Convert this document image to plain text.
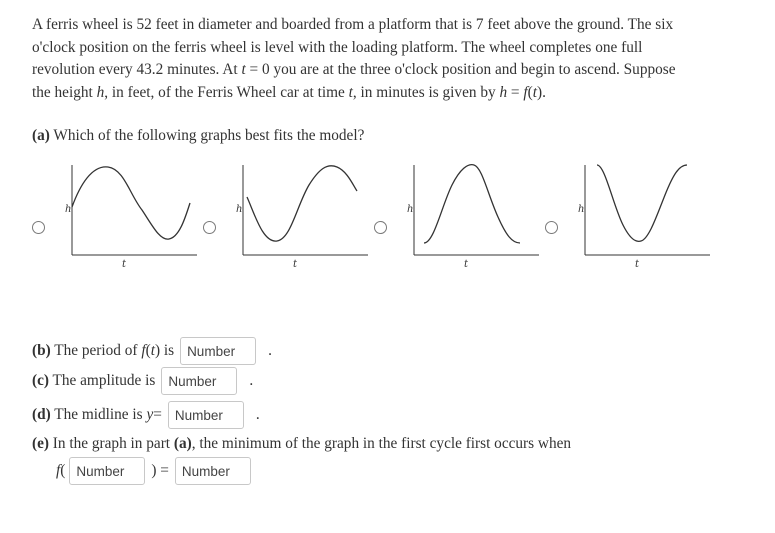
A ferris wheel is 52 feet in diameter and boarded from a platform that is 7 feet above the ground. The six
o'clock position on the ferris wheel is level with the loading platform. The wheel completes one full
revolution every 43.2 minutes. At t = 0 you are at the three o'clock position and begin to ascend. Suppose
the height h, in feet, of the Ferris Wheel car at time t, in minutes is given by h = f(t).

(a) Which of the following graphs best fits the model?

h
t
h
t
h
t
h
t
(b) The period of f ( t ) is
Number	.
(c) The amplitude is
Number	.
(d) The midline is y =
Number	.
(e) In the graph in part (a) , the minimum of the graph in the first cycle first occurs when
f (
Number	) =
Number
